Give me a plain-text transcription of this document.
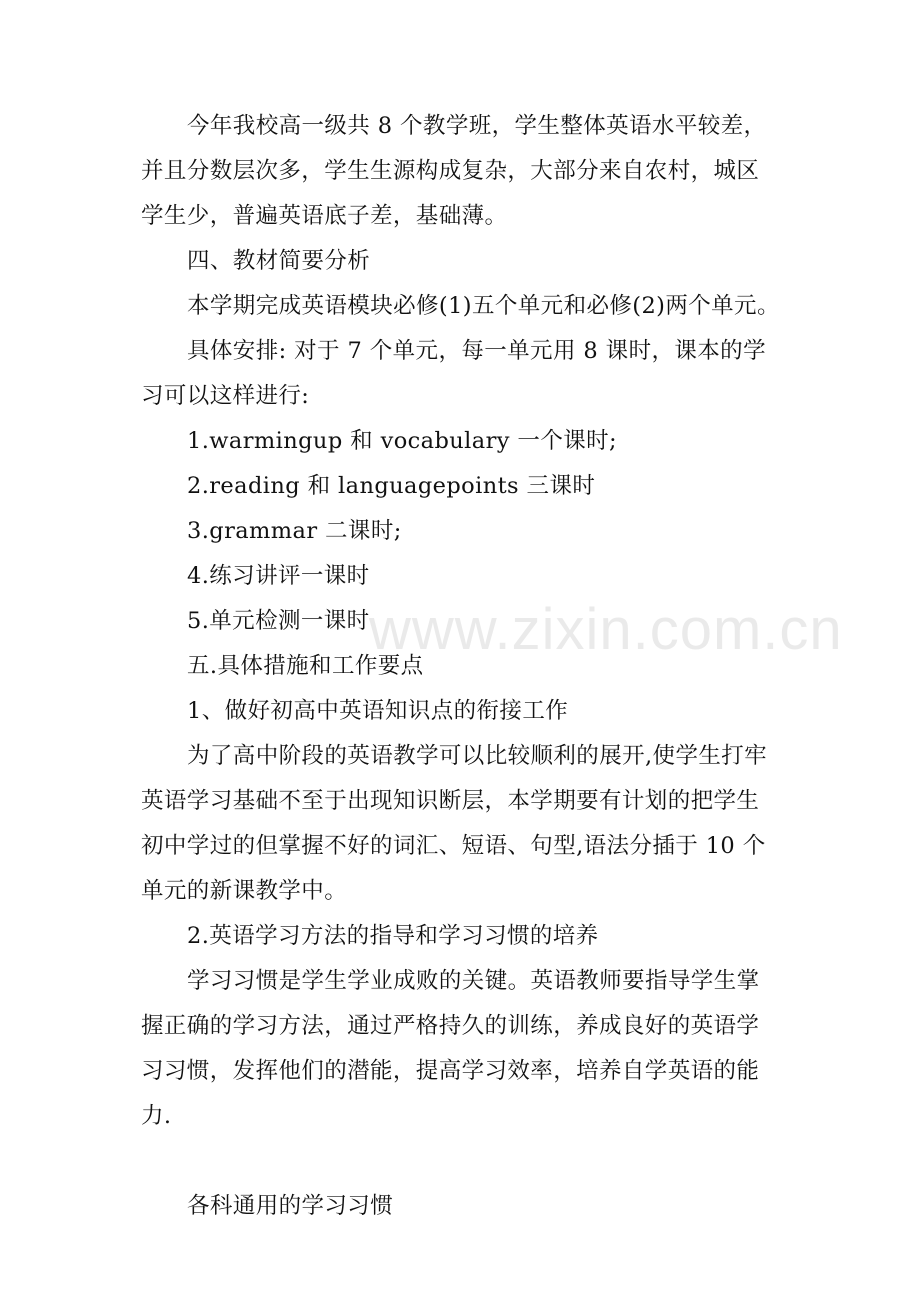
今年我校高一级共 8 个教学班，学生整体英语水平较差，
并且分数层次多，学生生源构成复杂，大部分来自农村，城区
学生少，普遍英语底子差，基础薄。

四、教材简要分析

本学期完成英语模块必修(1)五个单元和必修(2)两个单元。

具体安排: 对于 7 个单元，每一单元用 8 课时，课本的学
习可以这样进行:

1.warmingup 和 vocabulary 一个课时;

2.reading 和 languagepoints 三课时

3.grammar 二课时;

4.练习讲评一课时

5.单元检测一课时

五.具体措施和工作要点

1、做好初高中英语知识点的衔接工作

为了高中阶段的英语教学可以比较顺利的展开,使学生打牢
英语学习基础不至于出现知识断层，本学期要有计划的把学生
初中学过的但掌握不好的词汇、短语、句型,语法分插于 10 个
单元的新课教学中。

2.英语学习方法的指导和学习习惯的培养

学习习惯是学生学业成败的关键。英语教师要指导学生掌
握正确的学习方法，通过严格持久的训练，养成良好的英语学
习习惯，发挥他们的潜能，提高学习效率，培养自学英语的能
力.

各科通用的学习习惯

www.zixin.com.cn
